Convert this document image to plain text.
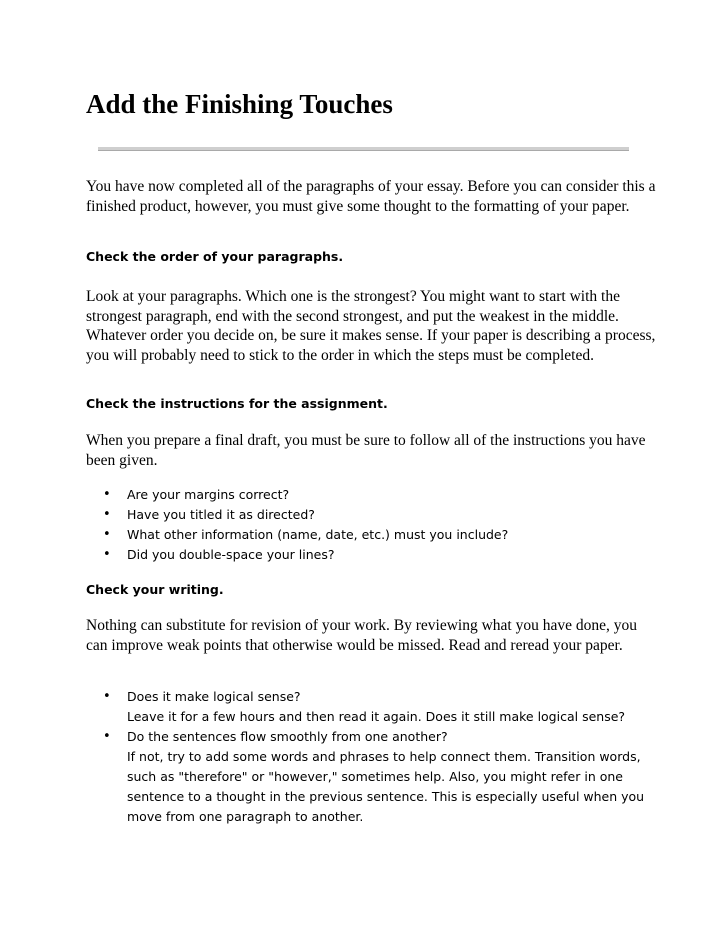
Add the Finishing Touches

You have now completed all of the paragraphs of your essay. Before you can consider this a finished product, however, you must give some thought to the formatting of your paper.

Check the order of your paragraphs.

Look at your paragraphs. Which one is the strongest? You might want to start with the strongest paragraph, end with the second strongest, and put the weakest in the middle. Whatever order you decide on, be sure it makes sense. If your paper is describing a process, you will probably need to stick to the order in which the steps must be completed.

Check the instructions for the assignment.

When you prepare a final draft, you must be sure to follow all of the instructions you have been given.

• Are your margins correct?
• Have you titled it as directed?
• What other information (name, date, etc.) must you include?
• Did you double-space your lines?

Check your writing.

Nothing can substitute for revision of your work. By reviewing what you have done, you can improve weak points that otherwise would be missed. Read and reread your paper.

• Does it make logical sense?
Leave it for a few hours and then read it again. Does it still make logical sense?
• Do the sentences flow smoothly from one another?
If not, try to add some words and phrases to help connect them. Transition words, such as "therefore" or "however," sometimes help. Also, you might refer in one sentence to a thought in the previous sentence. This is especially useful when you move from one paragraph to another.
